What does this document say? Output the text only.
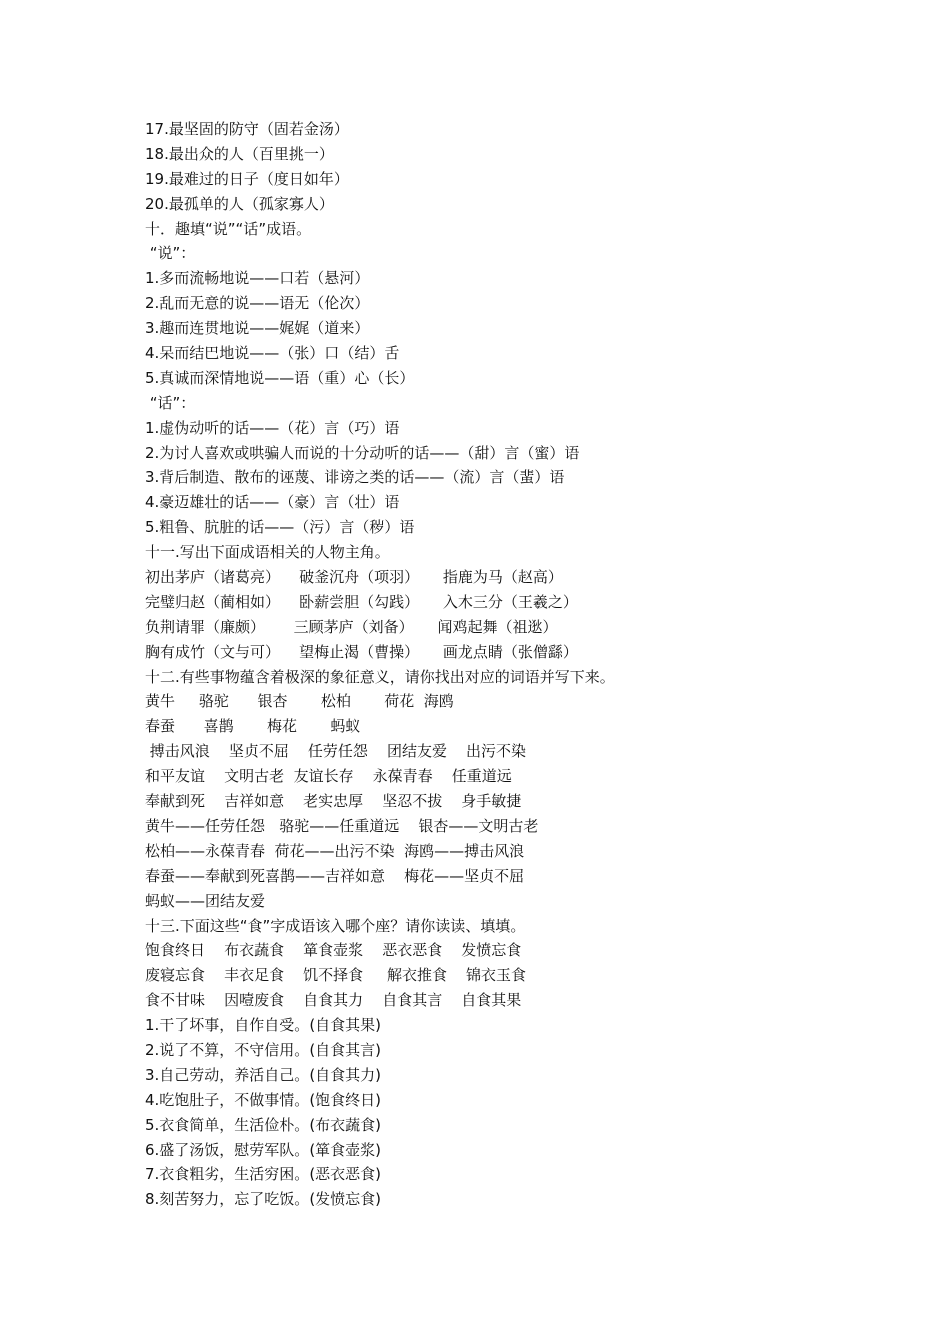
17.最坚固的防守（固若金汤）
18.最出众的人（百里挑一）
19.最难过的日子（度日如年）
20.最孤单的人（孤家寡人）
十．趣填“说”“话”成语。
“说”：
1.多而流畅地说——口若（悬河）
2.乱而无意的说——语无（伦次）
3.趣而连贯地说——娓娓（道来）
4.呆而结巴地说——（张）口（结）舌
5.真诚而深情地说——语（重）心（长）
“话”：
1.虚伪动听的话——（花）言（巧）语
2.为讨人喜欢或哄骗人而说的十分动听的话——（甜）言（蜜）语
3.背后制造、散布的诬蔑、诽谤之类的话——（流）言（蜚）语
4.豪迈雄壮的话——（豪）言（壮）语
5.粗鲁、肮脏的话——（污）言（秽）语
十一.写出下面成语相关的人物主角。
初出茅庐（诸葛亮）    破釜沉舟（项羽）     指鹿为马（赵高）
完璧归赵（蔺相如）    卧薪尝胆（勾践）     入木三分（王羲之）
负荆请罪（廉颇）      三顾茅庐（刘备）     闻鸡起舞（祖逖）
胸有成竹（文与可）    望梅止渴（曹操）     画龙点睛（张僧繇）
十二.有些事物蕴含着极深的象征意义，请你找出对应的词语并写下来。
黄牛     骆驼      银杏       松柏       荷花  海鸥
春蚕      喜鹊       梅花       蚂蚁
搏击风浪    坚贞不屈    任劳任怨    团结友爱    出污不染
和平友谊    文明古老  友谊长存    永葆青春    任重道远
奉献到死    吉祥如意    老实忠厚    坚忍不拔    身手敏捷
黄牛——任劳任怨   骆驼——任重道远    银杏——文明古老
松柏——永葆青春  荷花——出污不染  海鸥——搏击风浪
春蚕——奉献到死喜鹊——吉祥如意    梅花——坚贞不屈
蚂蚁——团结友爱
十三.下面这些“食”字成语该入哪个座？请你读读、填填。
饱食终日    布衣蔬食    箪食壶浆    恶衣恶食    发愤忘食
废寝忘食    丰衣足食    饥不择食     解衣推食    锦衣玉食
食不甘味    因噎废食    自食其力    自食其言    自食其果
1.干了坏事，自作自受。(自食其果)
2.说了不算，不守信用。(自食其言)
3.自己劳动，养活自己。(自食其力)
4.吃饱肚子，不做事情。(饱食终日)
5.衣食简单，生活俭朴。(布衣蔬食)
6.盛了汤饭，慰劳军队。(箪食壶浆)
7.衣食粗劣，生活穷困。(恶衣恶食)
8.刻苦努力，忘了吃饭。(发愤忘食)
